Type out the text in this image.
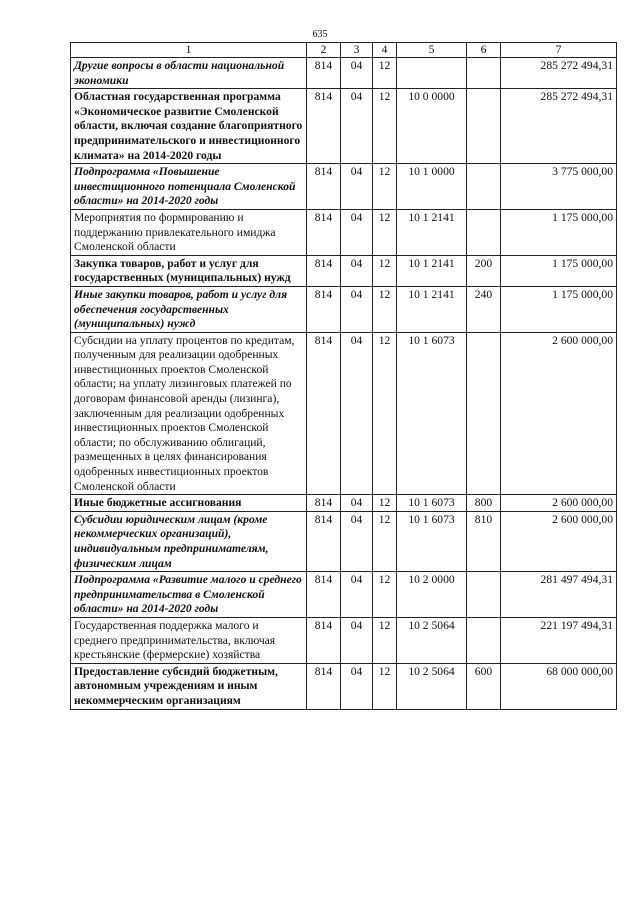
635
1	2	3	4	5	6	7
Другие вопросы в области национальной экономики	814	04	12			285 272 494,31
Областная государственная программа «Экономическое развитие Смоленской области, включая создание благоприятного предпринимательского и инвестиционного климата» на 2014-2020 годы	814	04	12	10 0 0000		285 272 494,31
Подпрограмма «Повышение инвестиционного потенциала Смоленской области» на 2014-2020 годы	814	04	12	10 1 0000		3 775 000,00
Мероприятия по формированию и поддержанию привлекательного имиджа Смоленской области	814	04	12	10 1 2141		1 175 000,00
Закупка товаров, работ и услуг для государственных (муниципальных) нужд	814	04	12	10 1 2141	200	1 175 000,00
Иные закупки товаров, работ и услуг для обеспечения государственных (муниципальных) нужд	814	04	12	10 1 2141	240	1 175 000,00
Субсидии на уплату процентов по кредитам, полученным для реализации одобренных инвестиционных проектов Смоленской области; на уплату лизинговых платежей по договорам финансовой аренды (лизинга), заключенным для реализации одобренных инвестиционных проектов Смоленской области; по обслуживанию облигаций, размещенных в целях финансирования одобренных инвестиционных проектов Смоленской области	814	04	12	10 1 6073		2 600 000,00
Иные бюджетные ассигнования	814	04	12	10 1 6073	800	2 600 000,00
Субсидии юридическим лицам (кроме некоммерческих организаций), индивидуальным предпринимателям, физическим лицам	814	04	12	10 1 6073	810	2 600 000,00
Подпрограмма «Развитие малого и среднего предпринимательства в Смоленской области» на 2014-2020 годы	814	04	12	10 2 0000		281 497 494,31
Государственная поддержка малого и среднего предпринимательства, включая крестьянские (фермерские) хозяйства	814	04	12	10 2 5064		221 197 494,31
Предоставление субсидий бюджетным, автономным учреждениям и иным некоммерческим организациям	814	04	12	10 2 5064	600	68 000 000,00
